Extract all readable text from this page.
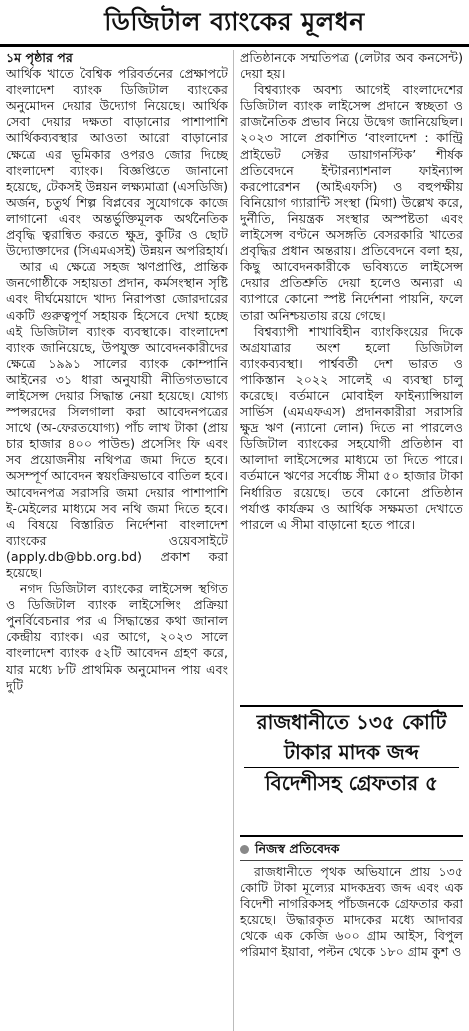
ডিজিটাল ব্যাংকের মূলধন

১ম পৃষ্ঠার পর
আর্থিক খাতে বৈশ্বিক পরিবর্তনের প্রেক্ষাপটে বাংলাদেশ ব্যাংক ডিজিটাল ব্যাংকের অনুমোদন দেয়ার উদ্যোগ নিয়েছে। আর্থিক সেবা দেয়ার দক্ষতা বাড়ানোর পাশাপাশি আর্থিকব্যবস্থার আওতা আরো বাড়ানোর ক্ষেত্রে এর ভূমিকার ওপরও জোর দিচ্ছে বাংলাদেশ ব্যাংক। বিজ্ঞপ্তিতে জানানো হয়েছে, টেকসই উন্নয়ন লক্ষ্যমাত্রা (এসডিজি) অর্জন, চতুর্থ শিল্প বিপ্লবের সুযোগকে কাজে লাগানো এবং অন্তর্ভুক্তিমূলক অর্থনৈতিক প্রবৃদ্ধি ত্বরান্বিত করতে ক্ষুদ্র, কুটির ও ছোট উদ্যোক্তাদের (সিএমএসই) উন্নয়ন অপরিহার্য।

আর এ ক্ষেত্রে সহজ ঋণপ্রাপ্তি, প্রান্তিক জনগোষ্ঠীকে সহায়তা প্রদান, কর্মসংস্থান সৃষ্টি এবং দীর্ঘমেয়াদে খাদ্য নিরাপত্তা জোরদারের একটি গুরুত্বপূর্ণ সহায়ক হিসেবে দেখা হচ্ছে এই ডিজিটাল ব্যাংক ব্যবস্থাকে। বাংলাদেশ ব্যাংক জানিয়েছে, উপযুক্ত আবেদনকারীদের ক্ষেত্রে ১৯৯১ সালের ব্যাংক কোম্পানি আইনের ৩১ ধারা অনুযায়ী নীতিগতভাবে লাইসেন্স দেয়ার সিদ্ধান্ত নেয়া হয়েছে। যোগ্য স্পন্সরদের সিলগালা করা আবেদনপত্রের সাথে (অ-ফেরতযোগ্য) পাঁচ লাখ টাকা (প্রায় চার হাজার ৪০০ পাউন্ড) প্রসেসিং ফি এবং সব প্রয়োজনীয় নথিপত্র জমা দিতে হবে। অসম্পূর্ণ আবেদন স্বয়ংক্রিয়ভাবে বাতিল হবে। আবেদনপত্র সরাসরি জমা দেয়ার পাশাপাশি ই-মেইলের মাধ্যমে সব নথি জমা দিতে হবে। এ বিষয়ে বিস্তারিত নির্দেশনা বাংলাদেশ ব্যাংকের ওয়েবসাইটে (apply.db@bb.org.bd) প্রকাশ করা হয়েছে।

নগদ ডিজিটাল ব্যাংকের লাইসেন্স স্থগিত ও ডিজিটাল ব্যাংক লাইসেন্সিং প্রক্রিয়া পুনর্বিবেচনার পর এ সিদ্ধান্তের কথা জানাল কেন্দ্রীয় ব্যাংক। এর আগে, ২০২৩ সালে বাংলাদেশ ব্যাংক ৫২টি আবেদন গ্রহণ করে, যার মধ্যে ৮টি প্রাথমিক অনুমোদন পায় এবং দুটি

প্রতিষ্ঠানকে সম্মতিপত্র (লেটার অব কনসেন্ট) দেয়া হয়।

বিশ্বব্যাংক অবশ্য আগেই বাংলাদেশের ডিজিটাল ব্যাংক লাইসেন্স প্রদানে স্বচ্ছতা ও রাজনৈতিক প্রভাব নিয়ে উদ্বেগ জানিয়েছিল। ২০২৩ সালে প্রকাশিত ‘বাংলাদেশ : কান্ট্রি প্রাইভেট সেক্টর ডায়াগনস্টিক’ শীর্ষক প্রতিবেদনে ইন্টারন্যাশনাল ফাইন্যান্স করপোরেশন (আইএফসি) ও বহুপক্ষীয় বিনিয়োগ গ্যারান্টি সংস্থা (মিগা) উল্লেখ করে, দুর্নীতি, নিয়ন্ত্রক সংস্থার অস্পষ্টতা এবং লাইসেন্স বণ্টনে অসঙ্গতি বেসরকারি খাতের প্রবৃদ্ধির প্রধান অন্তরায়। প্রতিবেদনে বলা হয়, কিছু আবেদনকারীকে ভবিষ্যতে লাইসেন্স দেয়ার প্রতিশ্রুতি দেয়া হলেও অন্যরা এ ব্যাপারে কোনো স্পষ্ট নির্দেশনা পায়নি, ফলে তারা অনিশ্চয়তায় রয়ে গেছে।

বিশ্বব্যাপী শাখাবিহীন ব্যাংকিংয়ের দিকে অগ্রযাত্রার অংশ হলো ডিজিটাল ব্যাংকব্যবস্থা। পার্শ্ববর্তী দেশ ভারত ও পাকিস্তান ২০২২ সালেই এ ব্যবস্থা চালু করেছে। বর্তমানে মোবাইল ফাইন্যান্সিয়াল সার্ভিস (এমএফএস) প্রদানকারীরা সরাসরি ক্ষুদ্র ঋণ (ন্যানো লোন) দিতে না পারলেও ডিজিটাল ব্যাংকের সহযোগী প্রতিষ্ঠান বা আলাদা লাইসেন্সের মাধ্যমে তা দিতে পারে। বর্তমানে ঋণের সর্বোচ্চ সীমা ৫০ হাজার টাকা নির্ধারিত রয়েছে। তবে কোনো প্রতিষ্ঠান পর্যাপ্ত কার্যক্রম ও আর্থিক সক্ষমতা দেখাতে পারলে এ সীমা বাড়ানো হতে পারে।

রাজধানীতে ১৩৫ কোটি
টাকার মাদক জব্দ
বিদেশীসহ গ্রেফতার ৫
নিজস্ব প্রতিবেদক

রাজধানীতে পৃথক অভিযানে প্রায় ১৩৫ কোটি টাকা মূল্যের মাদকদ্রব্য জব্দ এবং এক বিদেশী নাগরিকসহ পাঁচজনকে গ্রেফতার করা হয়েছে। উদ্ধারকৃত মাদকের মধ্যে আদাবর থেকে এক কেজি ৬০০ গ্রাম আইস, বিপুল পরিমাণ ইয়াবা, পল্টন থেকে ১৮০ গ্রাম কুশ ও
